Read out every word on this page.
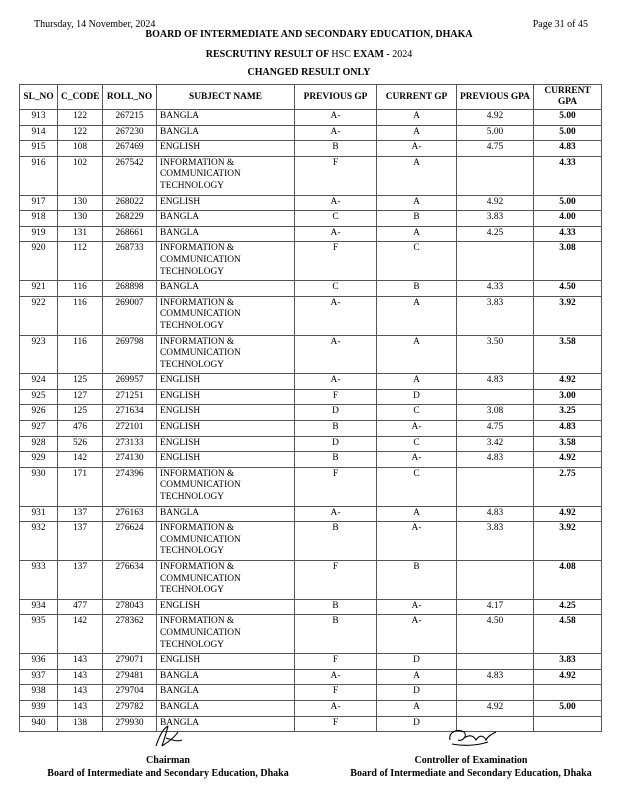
Thursday, 14 November, 2024	Page 31 of 45
BOARD OF INTERMEDIATE AND SECONDARY EDUCATION, DHAKA
RESCRUTINY RESULT OF HSC EXAM - 2024
CHANGED RESULT ONLY
SL_NO	C_CODE	ROLL_NO	SUBJECT NAME	PREVIOUS GP	CURRENT GP	PREVIOUS GPA	CURRENT GPA
913	122	267215	BANGLA	A-	A	4.92	5.00
914	122	267230	BANGLA	A-	A	5.00	5.00
915	108	267469	ENGLISH	B	A-	4.75	4.83
916	102	267542	INFORMATION & COMMUNICATION TECHNOLOGY	F	A		4.33
917	130	268022	ENGLISH	A-	A	4.92	5.00
918	130	268229	BANGLA	C	B	3.83	4.00
919	131	268661	BANGLA	A-	A	4.25	4.33
920	112	268733	INFORMATION & COMMUNICATION TECHNOLOGY	F	C		3.08
921	116	268898	BANGLA	C	B	4.33	4.50
922	116	269007	INFORMATION & COMMUNICATION TECHNOLOGY	A-	A	3.83	3.92
923	116	269798	INFORMATION & COMMUNICATION TECHNOLOGY	A-	A	3.50	3.58
924	125	269957	ENGLISH	A-	A	4.83	4.92
925	127	271251	ENGLISH	F	D		3.00
926	125	271634	ENGLISH	D	C	3.08	3.25
927	476	272101	ENGLISH	B	A-	4.75	4.83
928	526	273133	ENGLISH	D	C	3.42	3.58
929	142	274130	ENGLISH	B	A-	4.83	4.92
930	171	274396	INFORMATION & COMMUNICATION TECHNOLOGY	F	C		2.75
931	137	276163	BANGLA	A-	A	4.83	4.92
932	137	276624	INFORMATION & COMMUNICATION TECHNOLOGY	B	A-	3.83	3.92
933	137	276634	INFORMATION & COMMUNICATION TECHNOLOGY	F	B		4.08
934	477	278043	ENGLISH	B	A-	4.17	4.25
935	142	278362	INFORMATION & COMMUNICATION TECHNOLOGY	B	A-	4.50	4.58
936	143	279071	ENGLISH	F	D		3.83
937	143	279481	BANGLA	A-	A	4.83	4.92
938	143	279704	BANGLA	F	D		
939	143	279782	BANGLA	A-	A	4.92	5.00
940	138	279930	BANGLA	F	D		
Chairman
Board of Intermediate and Secondary Education, Dhaka
Controller of Examination
Board of Intermediate and Secondary Education, Dhaka
